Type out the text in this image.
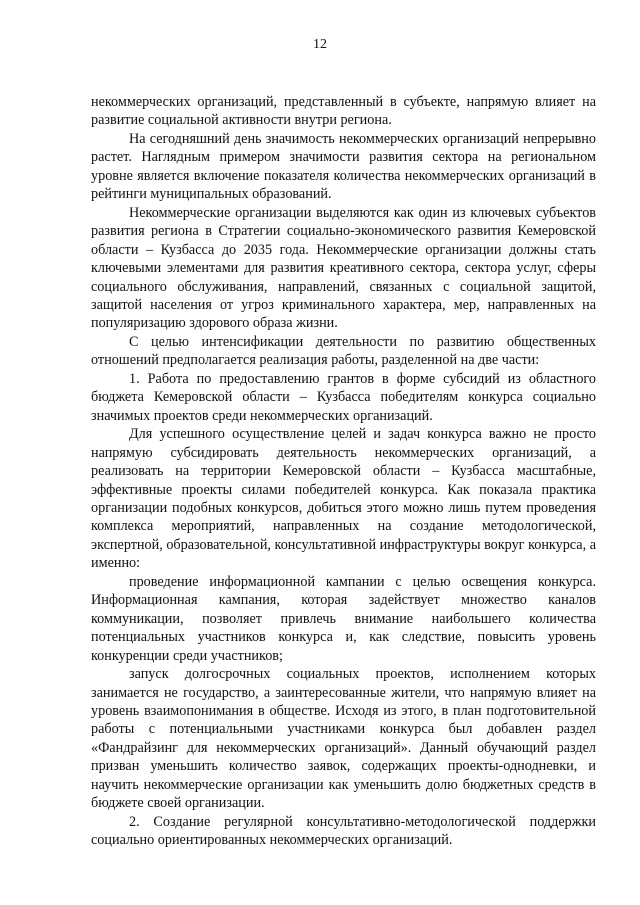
12

некоммерческих организаций, представленный в субъекте, напрямую влияет на развитие социальной активности внутри региона.

На сегодняшний день значимость некоммерческих организаций непрерывно растет. Наглядным примером значимости развития сектора на региональном уровне является включение показателя количества некоммерческих организаций в рейтинги муниципальных образований.

Некоммерческие организации выделяются как один из ключевых субъектов развития региона в Стратегии социально-экономического развития Кемеровской области – Кузбасса до 2035 года. Некоммерческие организации должны стать ключевыми элементами для развития креативного сектора, сектора услуг, сферы социального обслуживания, направлений, связанных с социальной защитой, защитой населения от угроз криминального характера, мер, направленных на популяризацию здорового образа жизни.

С целью интенсификации деятельности по развитию общественных отношений предполагается реализация работы, разделенной на две части:

1. Работа по предоставлению грантов в форме субсидий из областного бюджета Кемеровской области – Кузбасса победителям конкурса социально значимых проектов среди некоммерческих организаций.

Для успешного осуществление целей и задач конкурса важно не просто напрямую субсидировать деятельность некоммерческих организаций, а реализовать на территории Кемеровской области – Кузбасса масштабные, эффективные проекты силами победителей конкурса. Как показала практика организации подобных конкурсов, добиться этого можно лишь путем проведения комплекса мероприятий, направленных на создание методологической, экспертной, образовательной, консультативной инфраструктуры вокруг конкурса, а именно:

проведение информационной кампании с целью освещения конкурса. Информационная кампания, которая задействует множество каналов коммуникации, позволяет привлечь внимание наибольшего количества потенциальных участников конкурса и, как следствие, повысить уровень конкуренции среди участников;

запуск долгосрочных социальных проектов, исполнением которых занимается не государство, а заинтересованные жители, что напрямую влияет на уровень взаимопонимания в обществе. Исходя из этого, в план подготовительной работы с потенциальными участниками конкурса был добавлен раздел «Фандрайзинг для некоммерческих организаций». Данный обучающий раздел призван уменьшить количество заявок, содержащих проекты-однодневки, и научить некоммерческие организации как уменьшить долю бюджетных средств в бюджете своей организации.

2. Создание регулярной консультативно-методологической поддержки социально ориентированных некоммерческих организаций.
